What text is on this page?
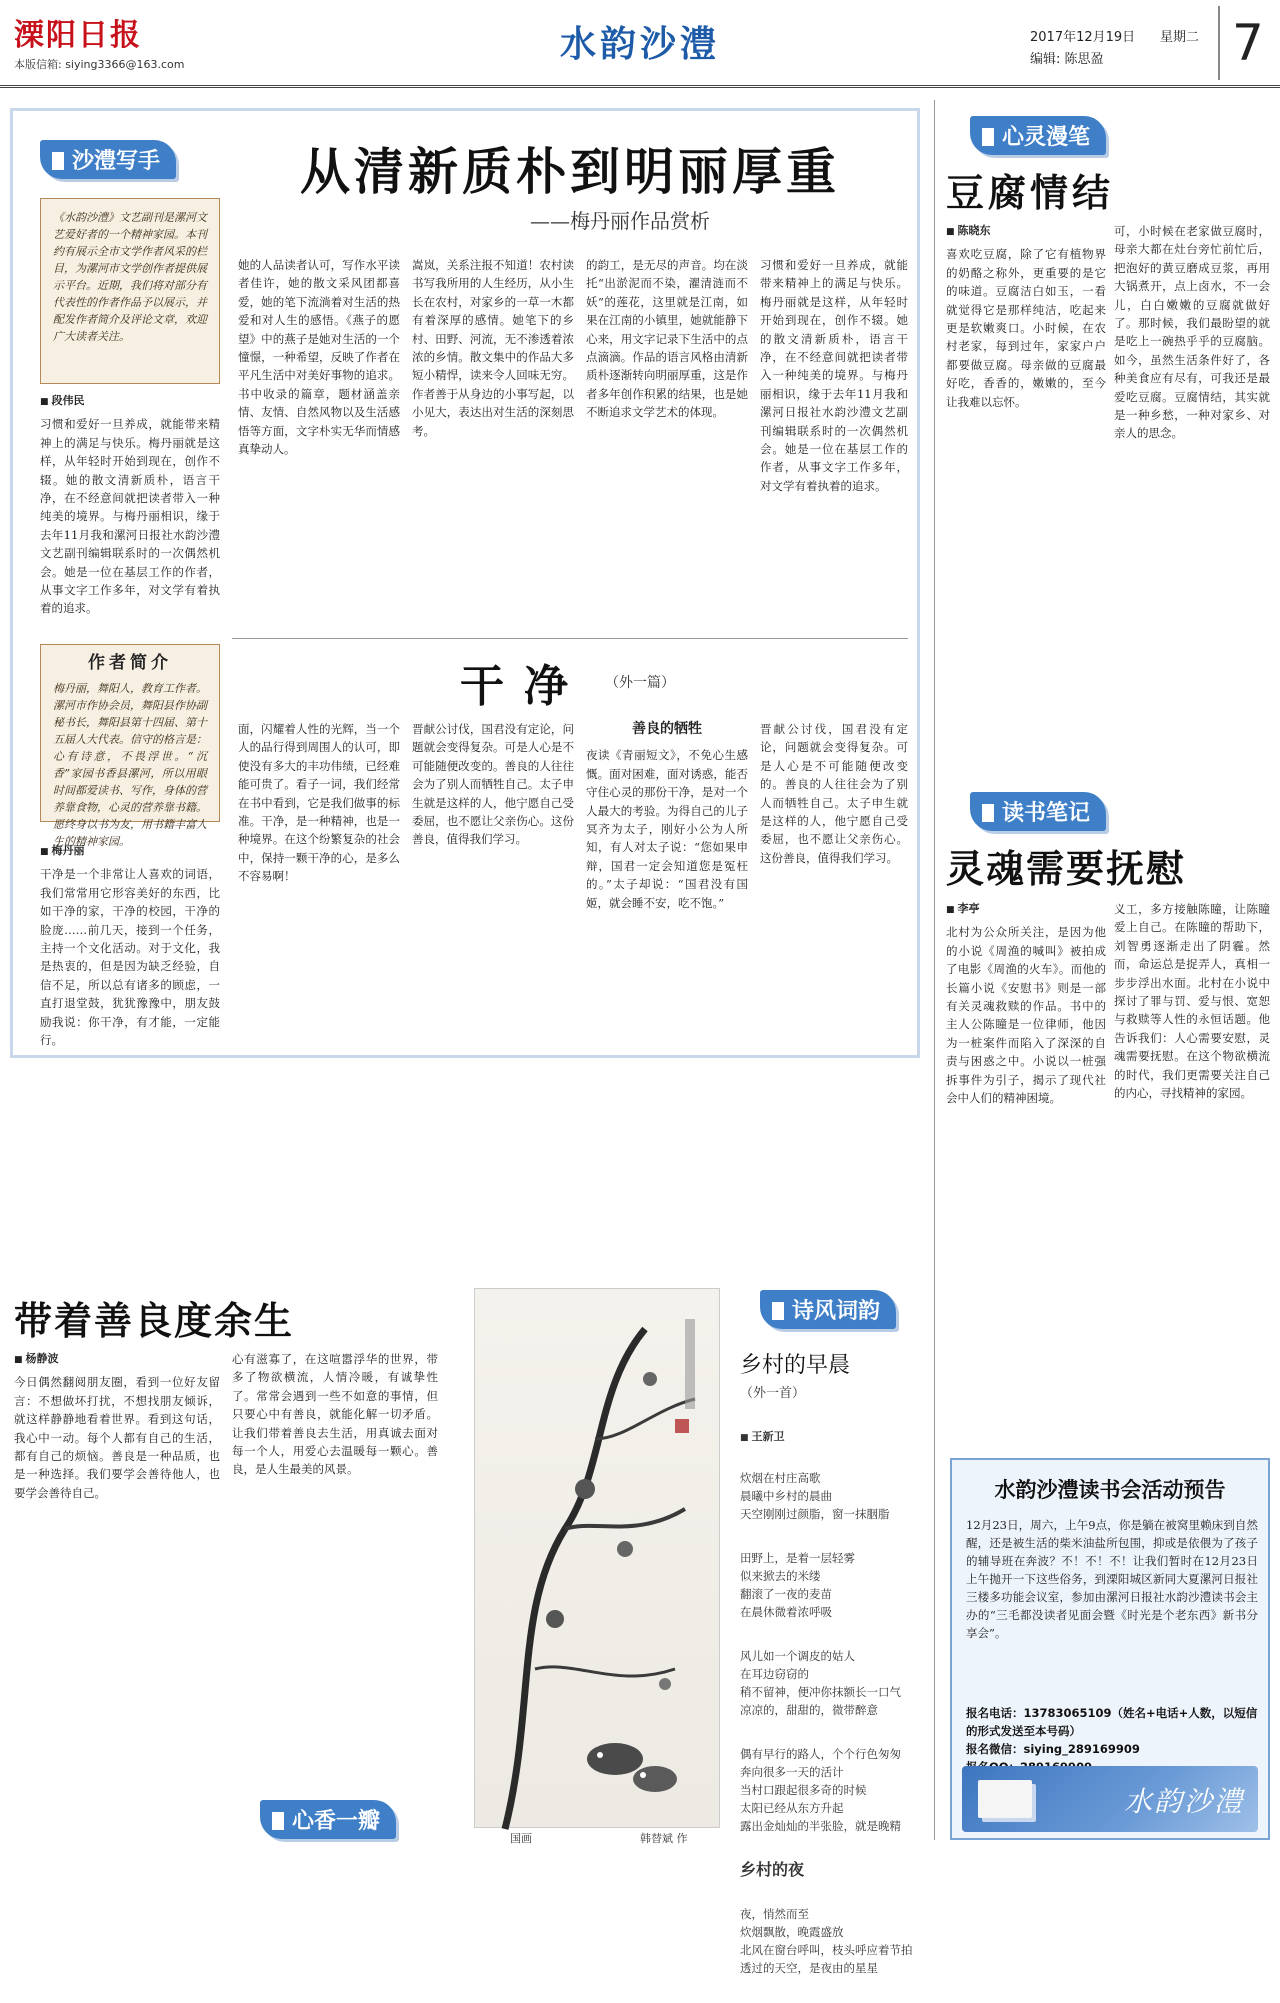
溧阳日报
本版信箱: siying3366@163.com	水韵沙澧	2017年12月19日 星期二
编辑: 陈思盈	7
沙澧写手	从清新质朴到明丽厚重
——梅丹丽作品赏析
《水韵沙澧》文艺副刊是漯河文艺爱好者的一个精神家园。本刊约有展示全市文学作者风采的栏目，为漯河市文学创作者提供展示平台。近期，我们将对部分有代表性的作者作品予以展示，并配发作者简介及评论文章，欢迎广大读者关注。
■ 段伟民
习惯和爱好一旦养成，就能带来精神上的满足与快乐。梅丹丽就是这样，从年轻时开始到现在，创作不辍。她的散文清新质朴，语言干净，在不经意间就把读者带入一种纯美的境界。与梅丹丽相识，缘于去年11月我和漯河日报社水韵沙澧文艺副刊编辑联系时的一次偶然机会。她是一位在基层工作的作者，从事文字工作多年，对文学有着执着的追求。
作者简介
梅丹丽，舞阳人，教育工作者。漯河市作协会员，舞阳县作协副秘书长，舞阳县第十四届、第十五届人大代表。信守的格言是：心有诗意，不畏浮世。“沉香”家园书香县漯河，所以用眼时间都爱读书、写作，身体的营养靠食物，心灵的营养靠书籍。愿终身以书为友，用书籍丰富人生的精神家园。
她的人品读者认可，写作水平读者佳许，她的散文采风团都喜爱，她的笔下流淌着对生活的热爱和对人生的感悟。《燕子的愿望》中的燕子是她对生活的一个憧憬，一种希望，反映了作者在平凡生活中对美好事物的追求。书中收录的篇章，题材涵盖亲情、友情、自然风物以及生活感悟等方面，文字朴实无华而情感真挚动人。
嵩岚，关系注报不知道！农村读书写我所用的人生经历，从小生长在农村，对家乡的一草一木都有着深厚的感情。她笔下的乡村、田野、河流，无不渗透着浓浓的乡情。散文集中的作品大多短小精悍，读来令人回味无穷。作者善于从身边的小事写起，以小见大，表达出对生活的深刻思考。
的韵工，是无尽的声音。均在淡托“出淤泥而不染，濯清涟而不妖”的莲花，这里就是江南，如果在江南的小镇里，她就能静下心来，用文字记录下生活中的点点滴滴。作品的语言风格由清新质朴逐渐转向明丽厚重，这是作者多年创作积累的结果，也是她不断追求文学艺术的体现。
习惯和爱好一旦养成，就能带来精神上的满足与快乐。梅丹丽就是这样，从年轻时开始到现在，创作不辍。她的散文清新质朴，语言干净，在不经意间就把读者带入一种纯美的境界。与梅丹丽相识，缘于去年11月我和漯河日报社水韵沙澧文艺副刊编辑联系时的一次偶然机会。她是一位在基层工作的作者，从事文字工作多年，对文学有着执着的追求。
干净 （外一篇）
■ 梅丹丽
干净是一个非常让人喜欢的词语，我们常常用它形容美好的东西，比如干净的家，干净的校园，干净的脸庞……前几天，接到一个任务，主持一个文化活动。对于文化，我是热衷的，但是因为缺乏经验，自信不足，所以总有诸多的顾虑，一直打退堂鼓，犹犹豫豫中，朋友鼓励我说：你干净，有才能，一定能行。
面，闪耀着人性的光辉，当一个人的品行得到周围人的认可，即使没有多大的丰功伟绩，已经难能可贵了。看子一词，我们经常在书中看到，它是我们做事的标准。干净，是一种精神，也是一种境界。在这个纷繁复杂的社会中，保持一颗干净的心，是多么不容易啊！
晋献公讨伐，国君没有定论，问题就会变得复杂。可是人心是不可能随便改变的。善良的人往往会为了别人而牺牲自己。太子申生就是这样的人，他宁愿自己受委屈，也不愿让父亲伤心。这份善良，值得我们学习。
善良的牺牲
夜读《青丽短文》，不免心生感慨。面对困难，面对诱惑，能否守住心灵的那份干净，是对一个人最大的考验。为得自己的儿子冥齐为太子，刚好小公为人所知，有人对太子说：“您如果申辩，国君一定会知道您是冤枉的。”太子却说：“国君没有国姬，就会睡不安，吃不饱。”
晋献公讨伐，国君没有定论，问题就会变得复杂。可是人心是不可能随便改变的。善良的人往往会为了别人而牺牲自己。太子申生就是这样的人，他宁愿自己受委屈，也不愿让父亲伤心。这份善良，值得我们学习。
心灵漫笔
豆腐情结
■ 陈晓东
喜欢吃豆腐，除了它有植物界的奶酪之称外，更重要的是它的味道。豆腐洁白如玉，一看就觉得它是那样纯洁，吃起来更是软嫩爽口。小时候，在农村老家，每到过年，家家户户都要做豆腐。母亲做的豆腐最好吃，香香的，嫩嫩的，至今让我难以忘怀。
可，小时候在老家做豆腐时，母亲大都在灶台旁忙前忙后，把泡好的黄豆磨成豆浆，再用大锅煮开，点上卤水，不一会儿，白白嫩嫩的豆腐就做好了。那时候，我们最盼望的就是吃上一碗热乎乎的豆腐脑。如今，虽然生活条件好了，各种美食应有尽有，可我还是最爱吃豆腐。豆腐情结，其实就是一种乡愁，一种对家乡、对亲人的思念。
读书笔记
灵魂需要抚慰
■ 李亭
北村为公众所关注，是因为他的小说《周渔的喊叫》被拍成了电影《周渔的火车》。而他的长篇小说《安慰书》则是一部有关灵魂救赎的作品。书中的主人公陈瞳是一位律师，他因为一桩案件而陷入了深深的自责与困惑之中。小说以一桩强拆事件为引子，揭示了现代社会中人们的精神困境。
义工，多方接触陈瞳，让陈瞳爱上自己。在陈瞳的帮助下，刘智勇逐渐走出了阴霾。然而，命运总是捉弄人，真相一步步浮出水面。北村在小说中探讨了罪与罚、爱与恨、宽恕与救赎等人性的永恒话题。他告诉我们：人心需要安慰，灵魂需要抚慰。在这个物欲横流的时代，我们更需要关注自己的内心，寻找精神的家园。
带着善良度余生
■ 杨静波
今日偶然翻阅朋友圈，看到一位好友留言：不想做坏打扰，不想找朋友倾诉，就这样静静地看着世界。看到这句话，我心中一动。每个人都有自己的生活，都有自己的烦恼。善良是一种品质，也是一种选择。我们要学会善待他人，也要学会善待自己。
心有滋寡了，在这喧嚣浮华的世界，带多了物欲横流，人情冷暖，有诚挚性了。常常会遇到一些不如意的事情，但只要心中有善良，就能化解一切矛盾。让我们带着善良去生活，用真诚去面对每一个人，用爱心去温暖每一颗心。善良，是人生最美的风景。
心香一瓣
国画	韩替斌 作
诗风词韵
乡村的早晨
（外一首）

■ 王新卫

炊烟在村庄高歌
晨曦中乡村的晨曲
天空刚刚过颜脂，窗一抹胭脂

田野上，是着一层轻雾
似来掀去的米缕
翻滚了一夜的麦苗
在晨休微着浓呼吸

风儿如一个调皮的姑人
在耳边窃窃的
稍不留神，便冲你抹额长一口气
凉凉的，甜甜的，微带醉意

偶有早行的路人，个个行色匆匆
奔向很多一天的活计
当村口跟起很多奇的时候
太阳已经从东方升起
露出金灿灿的半张脸，就是晚精

乡村的夜

夜，悄然而至
炊烟飘散，晚霞盛放
北风在窗台呼叫，枝头呼应着节拍
透过的天空，是夜由的星星

水韵沙澧读书会活动预告
12月23日，周六，上午9点，你是躺在被窝里赖床到自然醒，还是被生活的柴米油盐所包围，抑或是依偎为了孩子的辅导班在奔波？不！不！不！让我们暂时在12月23日上午抛开一下这些俗务，到溧阳城区新同大夏漯河日报社三楼多功能会议室，参加由漯河日报社水韵沙澧读书会主办的“三毛都没读者见面会暨《时光是个老东西》新书分享会”。
报名电话：13783065109（姓名+电话+人数，以短信的形式发送至本号码）
报名微信：siying_289169909
水韵沙澧
